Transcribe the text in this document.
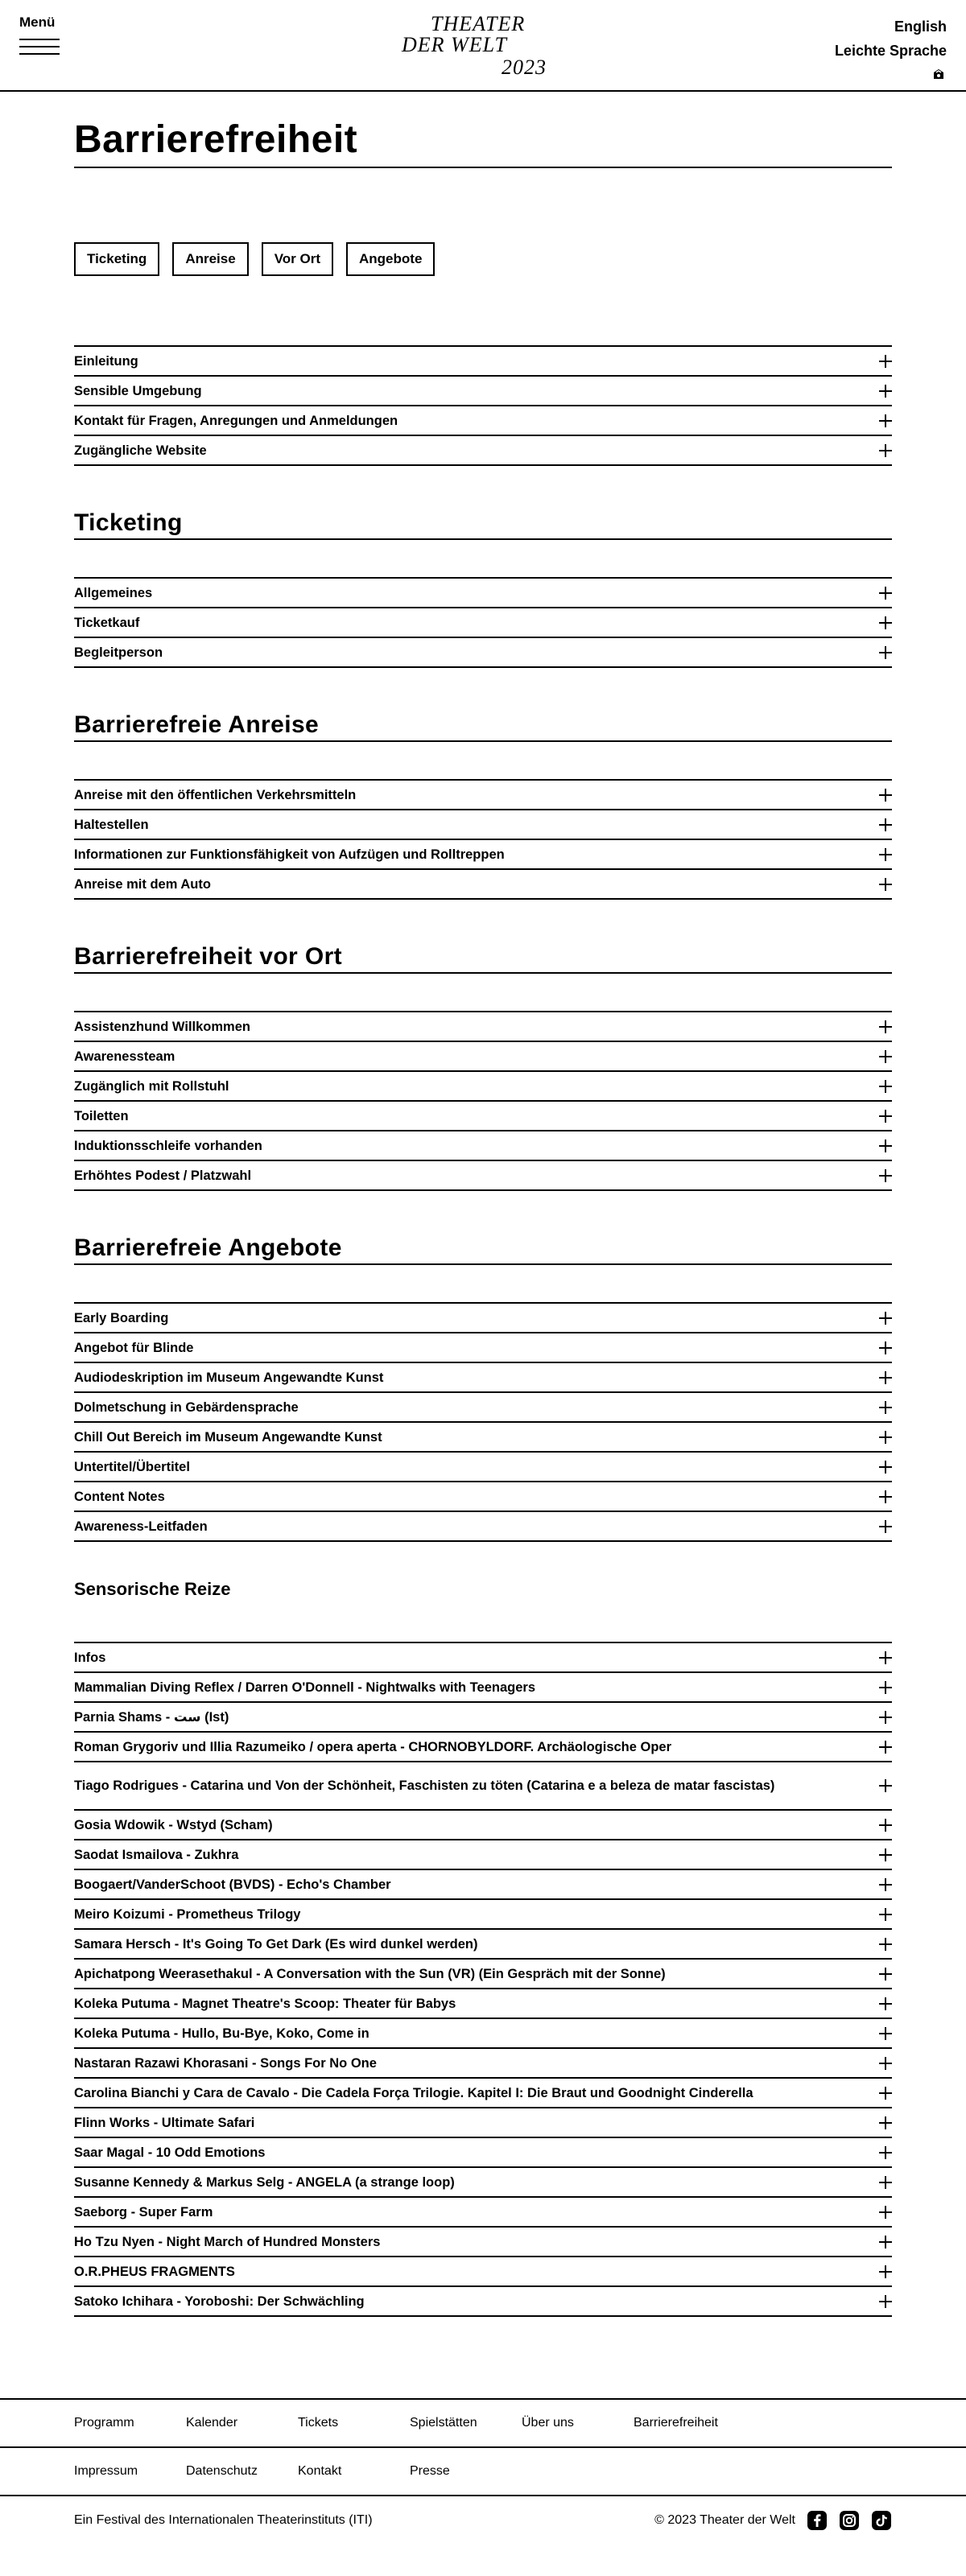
Menü	THEATER
DER WELT
2023
English
Leichte Sprache
Barrierefreiheit
Ticketing	Anreise	Vor Ort	Angebote
Einleitung
Sensible Umgebung
Kontakt für Fragen, Anregungen und Anmeldungen
Zugängliche Website
Ticketing
Allgemeines
Ticketkauf
Begleitperson
Barrierefreie Anreise
Anreise mit den öffentlichen Verkehrsmitteln
Haltestellen
Informationen zur Funktionsfähigkeit von Aufzügen und Rolltreppen
Anreise mit dem Auto
Barrierefreiheit vor Ort
Assistenzhund Willkommen
Awarenessteam
Zugänglich mit Rollstuhl
Toiletten
Induktionsschleife vorhanden
Erhöhtes Podest / Platzwahl
Barrierefreie Angebote
Early Boarding
Angebot für Blinde
Audiodeskription im Museum Angewandte Kunst
Dolmetschung in Gebärdensprache
Chill Out Bereich im Museum Angewandte Kunst
Untertitel/Übertitel
Content Notes
Awareness-Leitfaden
Sensorische Reize
Infos
Mammalian Diving Reflex / Darren O'Donnell - Nightwalks with Teenagers
Parnia Shams - ‌ست (Ist)
Roman Grygoriv und Illia Razumeiko / opera aperta - CHORNOBYLDORF. Archäologische Oper
Tiago Rodrigues - Catarina und Von der Schönheit, Faschisten zu töten (Catarina e a beleza de matar fascistas)
Gosia Wdowik - Wstyd (Scham)
Saodat Ismailova - Zukhra
Boogaert/VanderSchoot (BVDS) - Echo's Chamber
Meiro Koizumi - Prometheus Trilogy
Samara Hersch - It's Going To Get Dark (Es wird dunkel werden)
Apichatpong Weerasethakul - A Conversation with the Sun (VR) (Ein Gespräch mit der Sonne)
Koleka Putuma - Magnet Theatre's Scoop: Theater für Babys
Koleka Putuma - Hullo, Bu-Bye, Koko, Come in
Nastaran Razawi Khorasani - Songs For No One
Carolina Bianchi y Cara de Cavalo - Die Cadela Força Trilogie. Kapitel I: Die Braut und Goodnight Cinderella
Flinn Works - Ultimate Safari
Saar Magal - 10 Odd Emotions
Susanne Kennedy & Markus Selg - ANGELA (a strange loop)
Saeborg - Super Farm
Ho Tzu Nyen - Night March of Hundred Monsters
O.R.PHEUS FRAGMENTS
Satoko Ichihara - Yoroboshi: Der Schwächling
Programm	Kalender	Tickets	Spielstätten	Über uns	Barrierefreiheit
Impressum	Datenschutz	Kontakt	Presse
Ein Festival des Internationalen Theaterinstituts (ITI)	© 2023 Theater der Welt
